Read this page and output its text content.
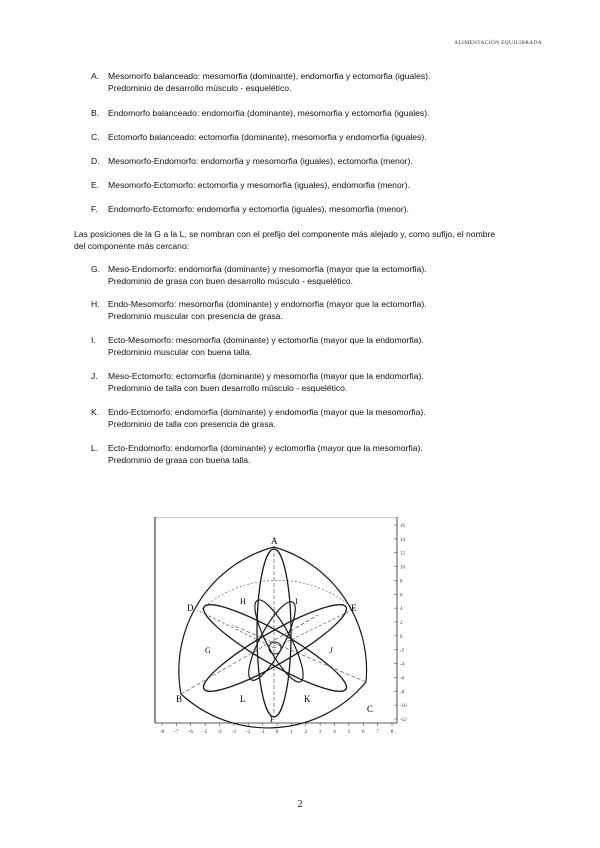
ALIMENTACIÓN EQUILIBRADA
A. Mesomorfo balanceado: mesomorfia (dominante), endomorfia y ectomorfia (iguales).
Predominio de desarrollo músculo - esquelético.
B. Endomorfo balanceado: endomorfia (dominante), mesomorfia y ectomorfia (iguales).
C. Ectomorfo balanceado: ectomorfia (dominante), mesomorfia y endomorfia (iguales).
D. Mesomorfo-Endomorfo: endomorfia y mesomorfia (iguales), ectomorfia (menor).
E. Mesomorfo-Ectomorfo: ectomorfia y mesomorfia (iguales), endomorfia (menor).
F. Endomorfo-Ectomorfo: endomorfia y ectomorfia (iguales), mesomorfia (menor).
Las posiciones de la G a la L, se nombran con el prefijo del componente más alejado y, como sufijo, el nombre
del componente más cercano:
G. Meso-Endomorfo: endomorfia (dominante) y mesomorfia (mayor que la ectomorfia).
Predominio de grasa con buen desarrollo músculo - esquelético.
H. Endo-Mesomorfo: mesomorfia (dominante) y endomorfia (mayor que la ectomorfia).
Predominio muscular con presencia de grasa.
I. Ecto-Mesomorfo: mesomorfia (dominante) y ectomorfia (mayor que la endomorfia).
Predominio muscular con buena talla.
J. Meso-Ectomorfo: ectomorfia (dominante) y mesomorfia (mayor que la endomorfia).
Predominio de talla con buen desarrollo músculo - esquelético.
K. Endo-Ectomorfo: endomorfia (dominante) y endomorfia (mayor que la mesomorfia).
Predominio de talla con presencia de grasa.
L. Ecto-Endomorfo: endomorfia (dominante) y ectomorfia (mayor que la mesomorfia).
Predominio de grasa con buena talla.
A
E
D
H	I
G	J
B	L	K
C
F
-8 -7 -6 -5 -4 -3 -2 -1 0 1 2 3 4 5 6 7 8
16
14
12
10
8
6
4
2
0
-2
-4
-6
-8
-10
-12
2
